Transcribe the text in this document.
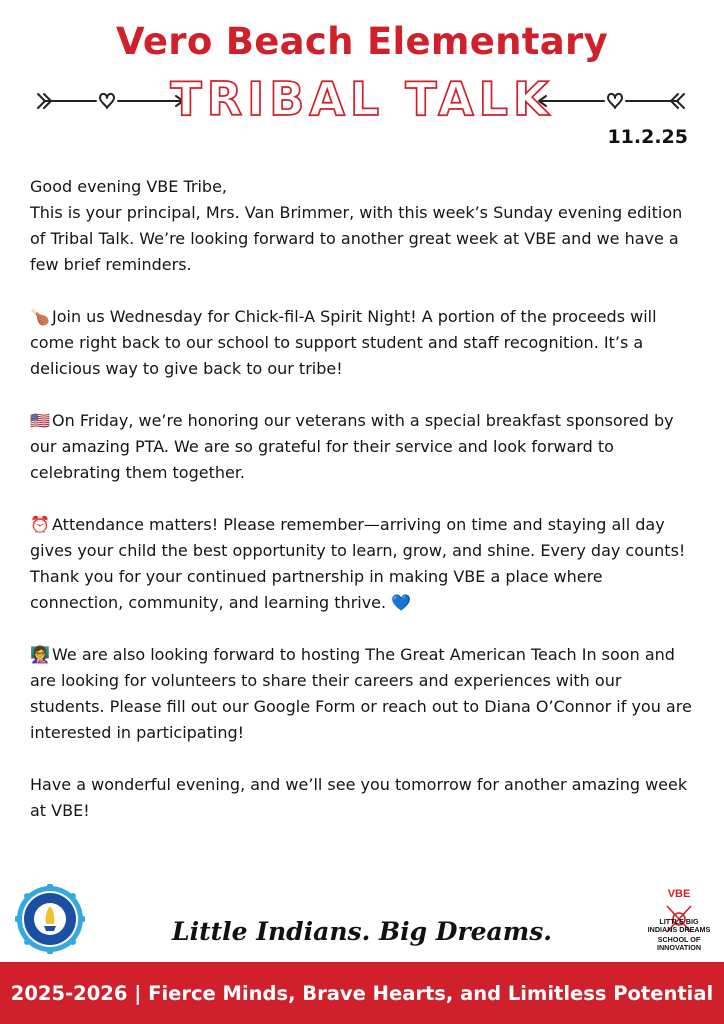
Vero Beach Elementary
TRIBAL TALK
11.2.25

Good evening VBE Tribe,
This is your principal, Mrs. Van Brimmer, with this week’s Sunday evening edition of Tribal Talk. We’re looking forward to another great week at VBE and we have a few brief reminders.

🍗 Join us Wednesday for Chick-fil-A Spirit Night! A portion of the proceeds will come right back to our school to support student and staff recognition. It’s a delicious way to give back to our tribe!

🇺🇸 On Friday, we’re honoring our veterans with a special breakfast sponsored by our amazing PTA. We are so grateful for their service and look forward to celebrating them together.

⏰ Attendance matters! Please remember—arriving on time and staying all day gives your child the best opportunity to learn, grow, and shine. Every day counts! Thank you for your continued partnership in making VBE a place where connection, community, and learning thrive. 💙

👩‍🏫 We are also looking forward to hosting The Great American Teach In soon and are looking for volunteers to share their careers and experiences with our students. Please fill out our Google Form or reach out to Diana O’Connor if you are interested in participating!

Have a wonderful evening, and we’ll see you tomorrow for another amazing week at VBE!

Little Indians. Big Dreams.
VBE
LITTLE BIG
INDIANS DREAMS
SCHOOL OF INNOVATION
2025-2026 | Fierce Minds, Brave Hearts, and Limitless Potential
